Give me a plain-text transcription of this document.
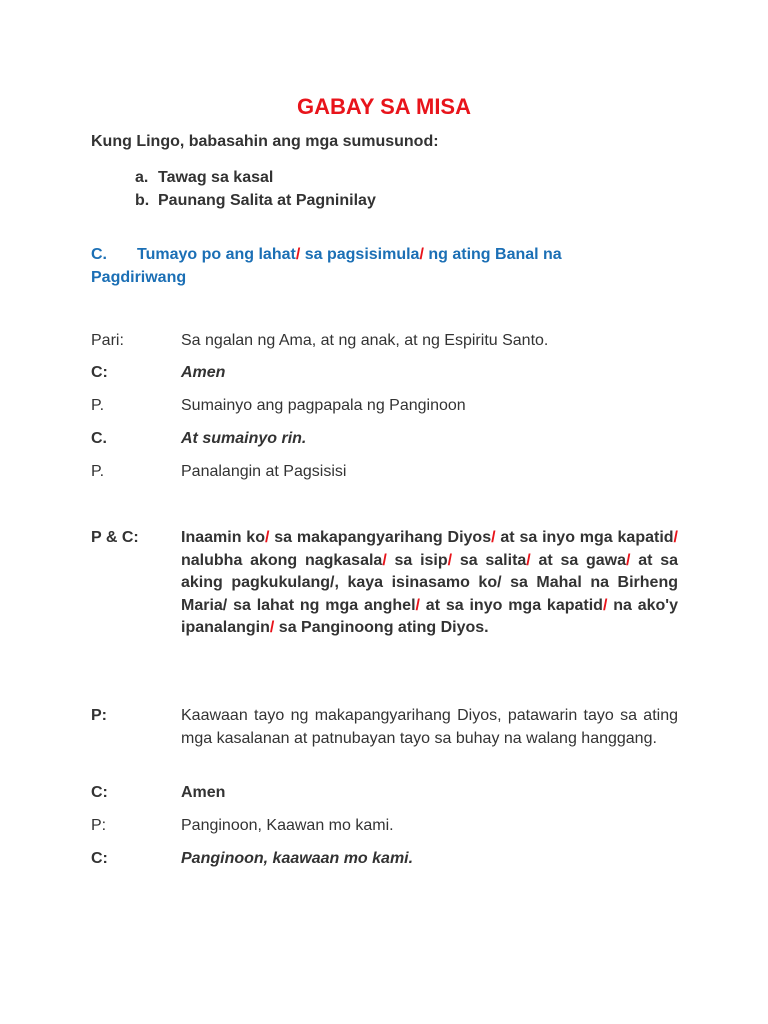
GABAY SA MISA
Kung Lingo, babasahin ang mga sumusunod:
a. Tawag sa kasal
b. Paunang Salita at Pagninilay
C. Tumayo po ang lahat/ sa pagsisimula/ ng ating Banal na Pagdiriwang
Pari:	Sa ngalan ng Ama, at ng anak, at ng Espiritu Santo.
C:	Amen
P.	Sumainyo ang pagpapala ng Panginoon
C.	At sumainyo rin.
P.	Panalangin at Pagsisisi
P & C:	Inaamin ko/ sa makapangyarihang Diyos/ at sa inyo mga kapatid/ nalubha akong nagkasala/ sa isip/ sa salita/ at sa gawa/ at sa aking pagkukulang/, kaya isinasamo ko/ sa Mahal na Birheng Maria/ sa lahat ng mga anghel/ at sa inyo mga kapatid/ na ako'y ipanalangin/ sa Panginoong ating Diyos.
P:	Kaawaan tayo ng makapangyarihang Diyos, patawarin tayo sa ating mga kasalanan at patnubayan tayo sa buhay na walang hanggang.
C:	Amen
P:	Panginoon, Kaawan mo kami.
C:	Panginoon, kaawaan mo kami.
